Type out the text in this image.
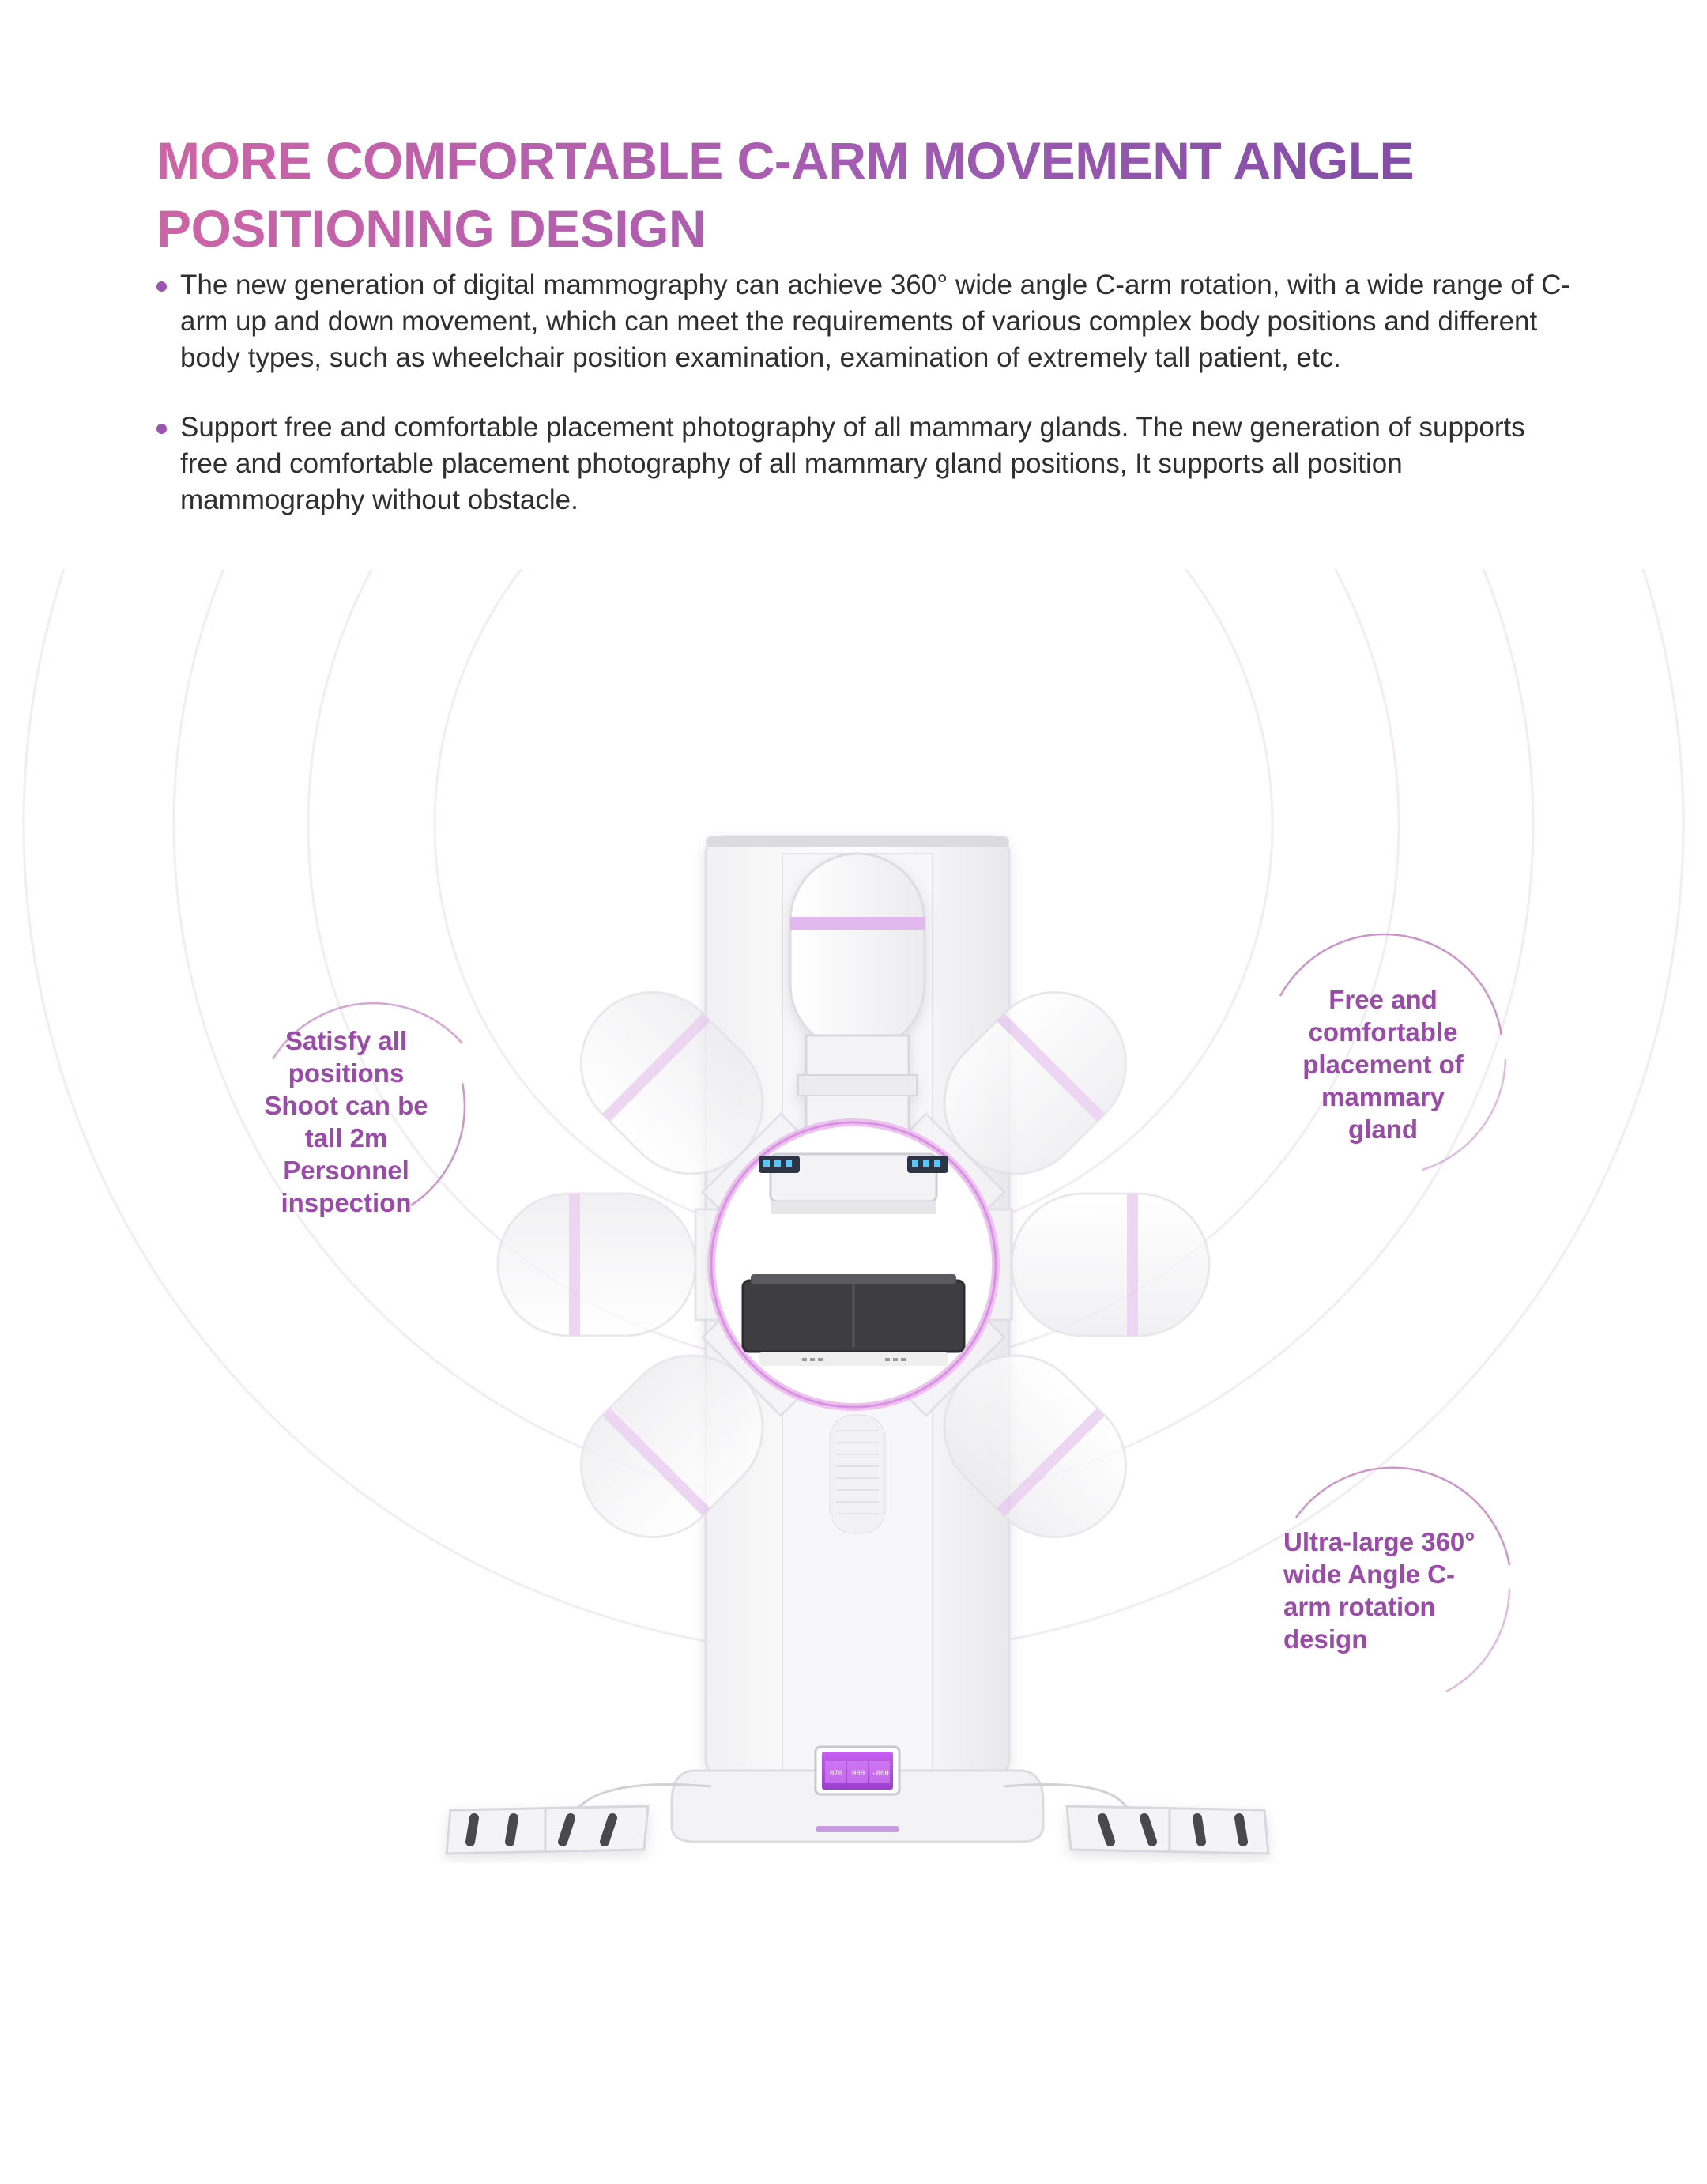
MORE COMFORTABLE C-ARM MOVEMENT ANGLE POSITIONING DESIGN
The new generation of digital mammography can achieve 360° wide angle C-arm rotation, with a wide range of C-arm up and down movement, which can meet the requirements of various complex body positions and different body types, such as wheelchair position examination, examination of extremely tall patient, etc.
Support free and comfortable placement photography of all mammary glands. The new generation of supports free and comfortable placement photography of all mammary gland positions, It supports all position mammography without obstacle.
070	000	-000
Satisfy all positions Shoot can be tall 2m Personnel inspection
Free and comfortable placement of mammary gland
Ultra-large 360° wide Angle C-arm rotation design
